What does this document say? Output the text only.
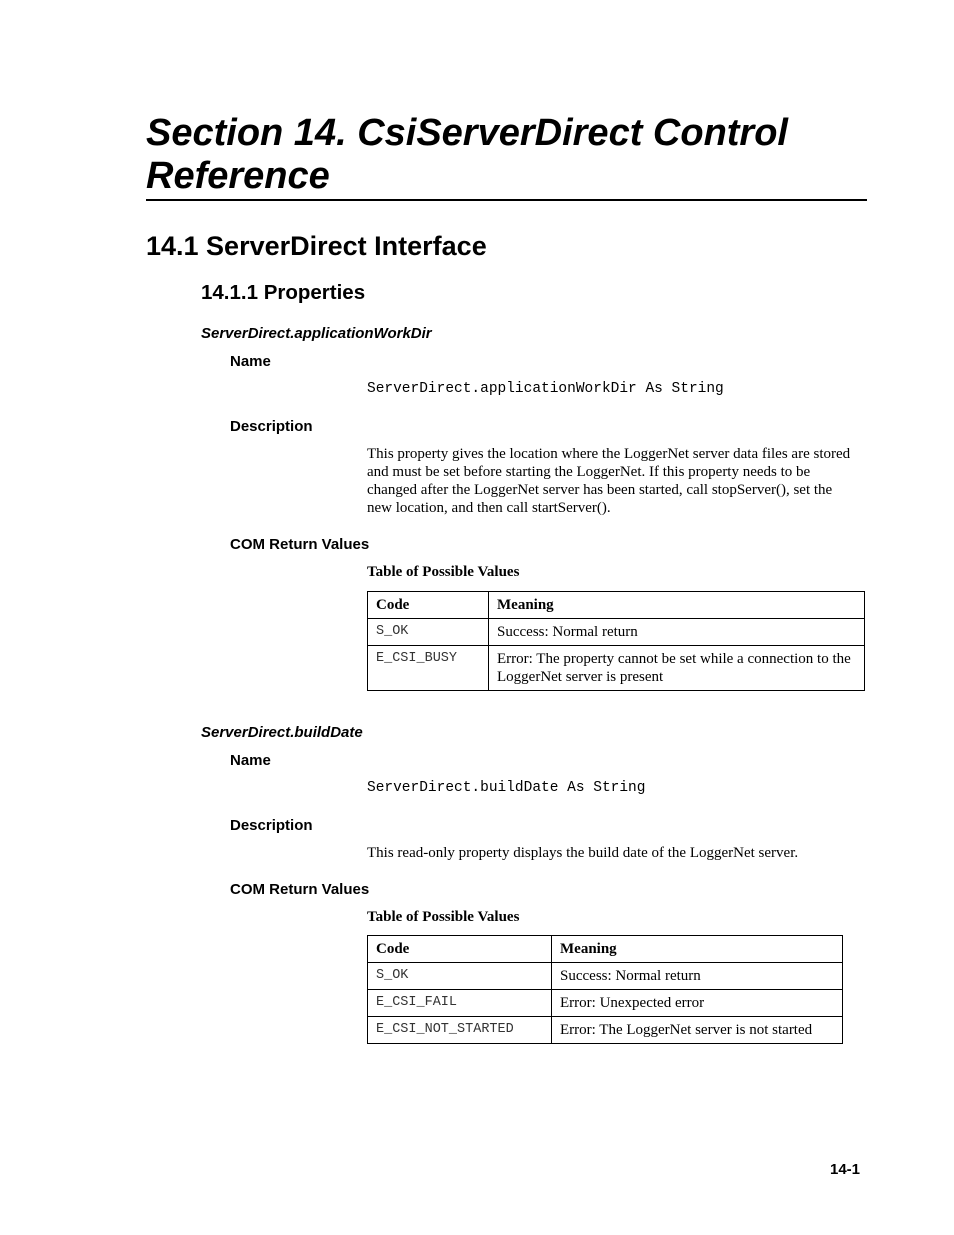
Section 14. CsiServerDirect Control Reference
14.1 ServerDirect Interface
14.1.1 Properties
ServerDirect.applicationWorkDir
Name

ServerDirect.applicationWorkDir As String

Description

This property gives the location where the LoggerNet server data files are stored and must be set before starting the LoggerNet. If this property needs to be changed after the LoggerNet server has been started, call stopServer(), set the new location, and then call startServer().

COM Return Values

Table of Possible Values

Code	Meaning
S_OK	Success: Normal return
E_CSI_BUSY	Error: The property cannot be set while a connection to the LoggerNet server is present
ServerDirect.buildDate
Name

ServerDirect.buildDate As String

Description

This read-only property displays the build date of the LoggerNet server.

COM Return Values

Table of Possible Values

Code	Meaning
S_OK	Success: Normal return
E_CSI_FAIL	Error: Unexpected error
E_CSI_NOT_STARTED	Error: The LoggerNet server is not started

14-1
